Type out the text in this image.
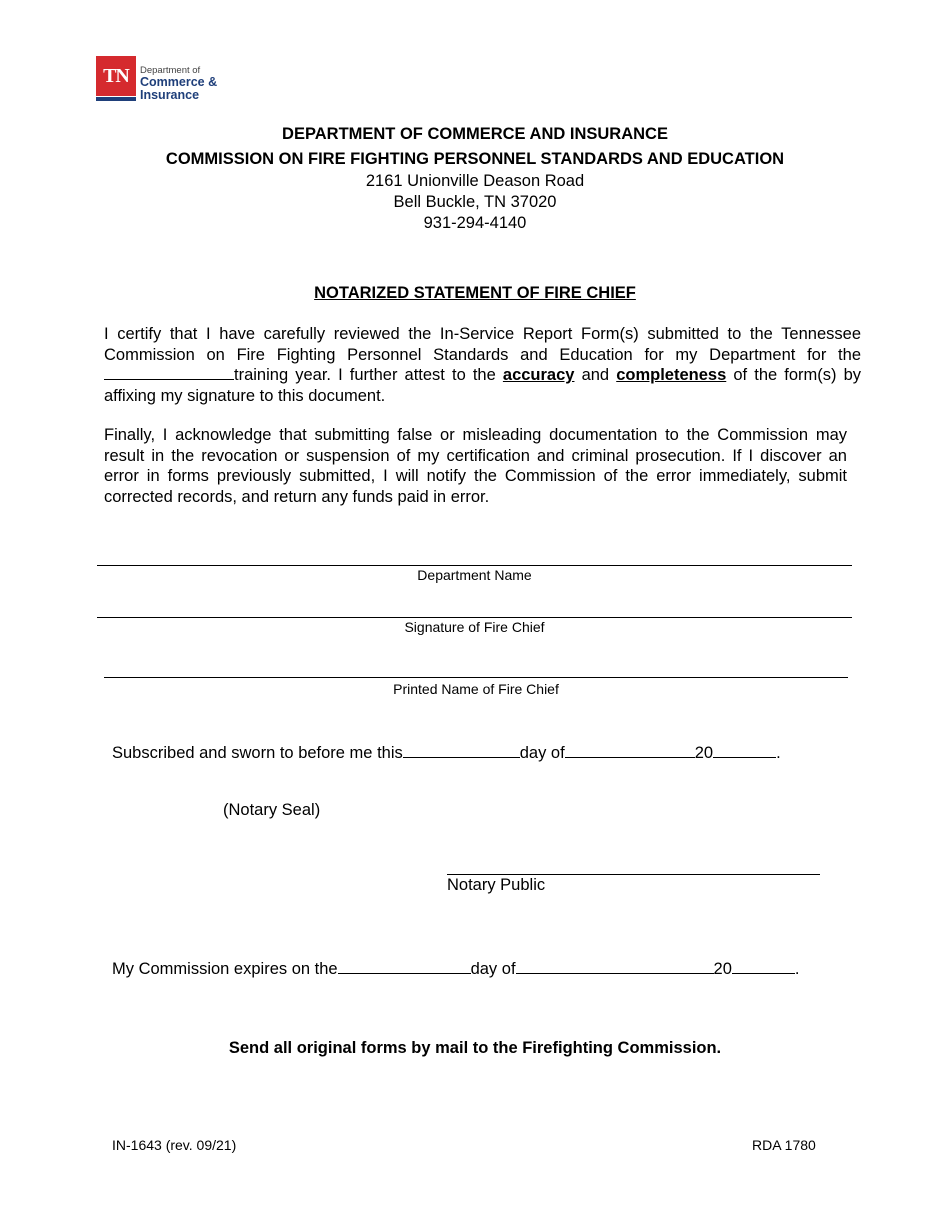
TN	Department of
Commerce &
Insurance
DEPARTMENT OF COMMERCE AND INSURANCE
COMMISSION ON FIRE FIGHTING PERSONNEL STANDARDS AND EDUCATION
2161 Unionville Deason Road
Bell Buckle, TN 37020
931-294-4140
NOTARIZED STATEMENT OF FIRE CHIEF
I certify that I have carefully reviewed the In-Service Report Form(s) submitted to the Tennessee Commission on Fire Fighting Personnel Standards and Education for my Department for the training year. I further attest to the accuracy and completeness of the form(s) by affixing my signature to this document.
Finally, I acknowledge that submitting false or misleading documentation to the Commission may result in the revocation or suspension of my certification and criminal prosecution. If I discover an error in forms previously submitted, I will notify the Commission of the error immediately, submit corrected records, and return any funds paid in error.
Department Name
Signature of Fire Chief
Printed Name of Fire Chief
Subscribed and sworn to before me this	day of	20	.
(Notary Seal)
Notary Public
My Commission expires on the	day of	20	.
Send all original forms by mail to the Firefighting Commission.
IN-1643 (rev. 09/21)	RDA 1780
